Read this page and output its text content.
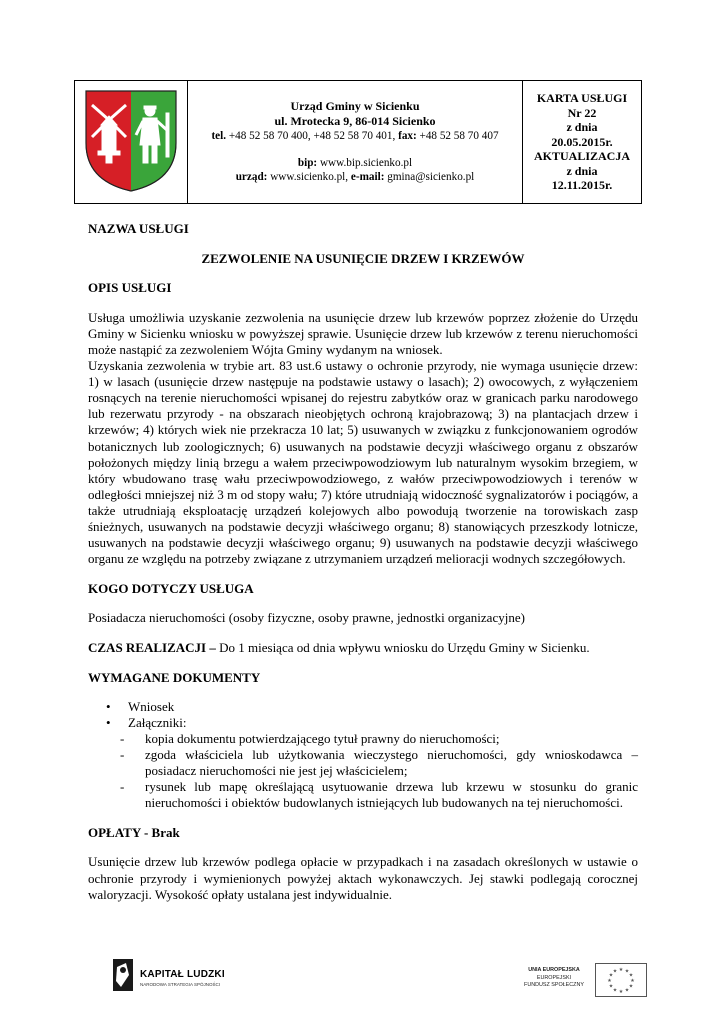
Urząd Gminy w Sicienku
ul. Mrotecka 9, 86-014 Sicienko
tel. +48 52 58 70 400, +48 52 58 70 401, fax: +48 52 58 70 407
bip: www.bip.sicienko.pl
urząd: www.sicienko.pl, e-mail: gmina@sicienko.pl

KARTA USŁUGI
Nr 22
z dnia
20.05.2015r.
AKTUALIZACJA
z dnia
12.11.2015r.

NAZWA USŁUGI

ZEZWOLENIE NA USUNIĘCIE DRZEW I KRZEWÓW

OPIS USŁUGI

Usługa umożliwia uzyskanie zezwolenia na usunięcie drzew lub krzewów poprzez złożenie do Urzędu Gminy w Sicienku wniosku w powyższej sprawie. Usunięcie drzew lub krzewów z terenu nieruchomości może nastąpić za zezwoleniem Wójta Gminy wydanym na wniosek.

Uzyskania zezwolenia w trybie art. 83 ust.6 ustawy o ochronie przyrody, nie wymaga usunięcie drzew: 1) w lasach (usunięcie drzew następuje na podstawie ustawy o lasach); 2) owocowych, z wyłączeniem rosnących na terenie nieruchomości wpisanej do rejestru zabytków oraz w granicach parku narodowego lub rezerwatu przyrody - na obszarach nieobjętych ochroną krajobrazową; 3) na plantacjach drzew i krzewów; 4) których wiek nie przekracza 10 lat; 5) usuwanych w związku z funkcjonowaniem ogrodów botanicznych lub zoologicznych; 6) usuwanych na podstawie decyzji właściwego organu z obszarów położonych między linią brzegu a wałem przeciwpowodziowym lub naturalnym wysokim brzegiem, w który wbudowano trasę wału przeciwpowodziowego, z wałów przeciwpowodziowych i terenów w odległości mniejszej niż 3 m od stopy wału; 7) które utrudniają widoczność sygnalizatorów i pociągów, a także utrudniają eksploatację urządzeń kolejowych albo powodują tworzenie na torowiskach zasp śnieżnych, usuwanych na podstawie decyzji właściwego organu; 8) stanowiących przeszkody lotnicze, usuwanych na podstawie decyzji właściwego organu; 9) usuwanych na podstawie decyzji właściwego organu ze względu na potrzeby związane z utrzymaniem urządzeń melioracji wodnych szczegółowych.

KOGO DOTYCZY USŁUGA

Posiadacza nieruchomości (osoby fizyczne, osoby prawne, jednostki organizacyjne)

CZAS REALIZACJI – Do 1 miesiąca od dnia wpływu wniosku do Urzędu Gminy w Sicienku.

WYMAGANE DOKUMENTY

• Wniosek
• Załączniki:
- kopia dokumentu potwierdzającego tytuł prawny do nieruchomości;
- zgoda właściciela lub użytkowania wieczystego nieruchomości, gdy wnioskodawca – posiadacz nieruchomości nie jest jej właścicielem;
- rysunek lub mapę określającą usytuowanie drzewa lub krzewu w stosunku do granic nieruchomości i obiektów budowlanych istniejących lub budowanych na tej nieruchomości.

OPŁATY - Brak

Usunięcie drzew lub krzewów podlega opłacie w przypadkach i na zasadach określonych w ustawie o ochronie przyrody i wymienionych powyżej aktach wykonawczych. Jej stawki podlegają corocznej waloryzacji. Wysokość opłaty ustalana jest indywidualnie.

KAPITAŁ LUDZKI
NARODOWA STRATEGIA SPÓJNOŚCI
UNIA EUROPEJSKA
EUROPEJSKI
FUNDUSZ SPOŁECZNY
★ ★
★
★
★
★
★
★
★
★
★
★
